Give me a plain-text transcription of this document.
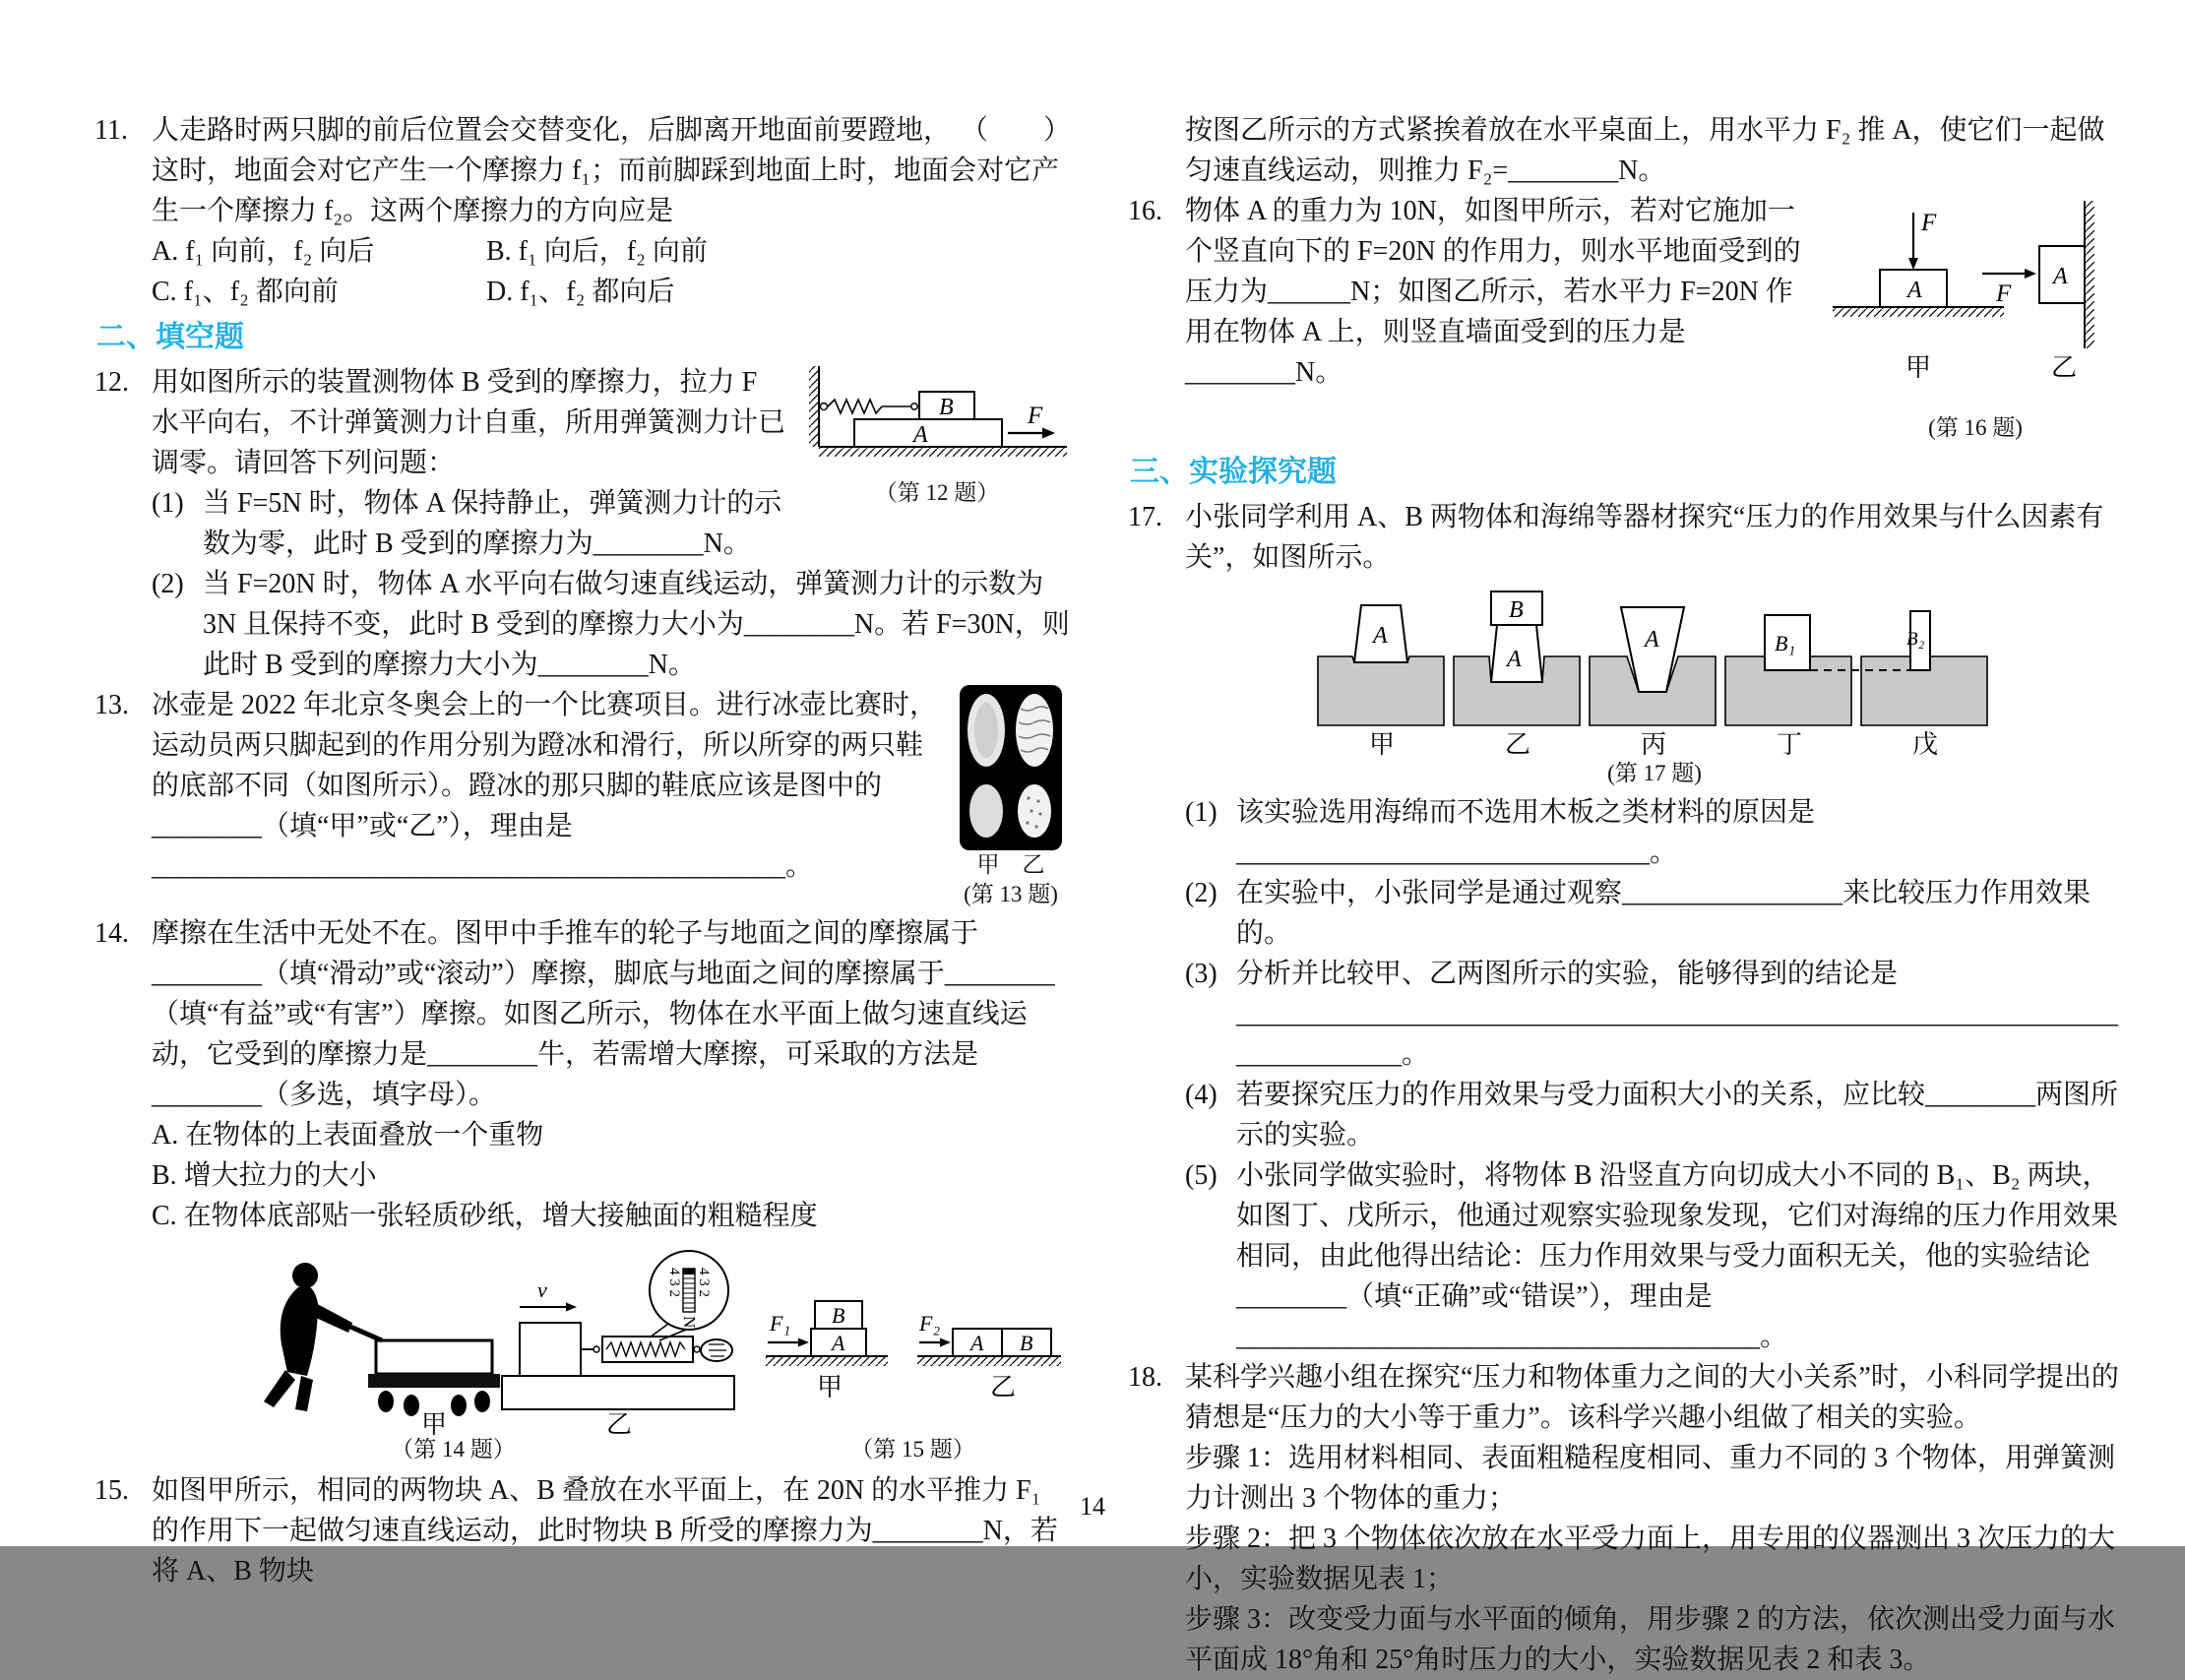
11.	（　　）
人走路时两只脚的前后位置会交替变化，后脚离开地面前要蹬地，这时，地面会对它产生一个摩擦力 f₁；而前脚踩到地面上时，地面会对它产生一个摩擦力 f₂。这两个摩擦力的方向应是
A. f₁ 向前，f₂ 向后	B. f₁ 向后，f₂ 向前
C. f₁、f₂ 都向前	D. f₁、f₂ 都向后
二、填空题
12.
A
B	F
（第 12 题）
用如图所示的装置测物体 B 受到的摩擦力，拉力 F 水平向右，不计弹簧测力计自重，所用弹簧测力计已调零。请回答下列问题：
(1) 当 F=5N 时，物体 A 保持静止，弹簧测力计的示数为零，此时 B 受到的摩擦力为________N。
(2) 当 F=20N 时，物体 A 水平向右做匀速直线运动，弹簧测力计的示数为 3N 且保持不变，此时 B 受到的摩擦力大小为________N。若 F=30N，则此时 B 受到的摩擦力大小为________N。
13.
甲　 乙
(第 13 题)
冰壶是 2022 年北京冬奥会上的一个比赛项目。进行冰壶比赛时，运动员两只脚起到的作用分别为蹬冰和滑行，所以所穿的两只鞋的底部不同（如图所示）。蹬冰的那只脚的鞋底应该是图中的________（填“甲”或“乙”），理由是______________________________________________。
14. 摩擦在生活中无处不在。图甲中手推车的轮子与地面之间的摩擦属于________（填“滑动”或“滚动”）摩擦，脚底与地面之间的摩擦属于________（填“有益”或“有害”）摩擦。如图乙所示，物体在水平面上做匀速直线运动，它受到的摩擦力是________牛，若需增大摩擦，可采取的方法是________（多选，填字母）。
A. 在物体的上表面叠放一个重物
B. 增大拉力的大小
C. 在物体底部贴一张轻质砂纸，增大接触面的粗糙程度
甲
v	4 3 2
4 3 2
N
乙
（第 14 题）
F₁
A
B
甲
F₂
A B
乙
（第 15 题）
15. 如图甲所示，相同的两物块 A、B 叠放在水平面上，在 20N 的水平推力 F₁ 的作用下一起做匀速直线运动，此时物块 B 所受的摩擦力为________N，若将 A、B 物块
按图乙所示的方式紧挨着放在水平桌面上，用水平力 F₂ 推 A，使它们一起做匀速直线运动，则推力 F₂=________N。
16.	F
A
甲
A
F
乙
(第 16 题)
物体 A 的重力为 10N，如图甲所示，若对它施加一个竖直向下的 F=20N 的作用力，则水平地面受到的压力为______N；如图乙所示，若水平力 F=20N 作用在物体 A 上，则竖直墙面受到的压力是________N。
三、实验探究题
17. 小张同学利用 A、B 两物体和海绵等器材探究“压力的作用效果与什么因素有关”，如图所示。
A
甲
B
A
乙
A
丙
B₁
丁
B₂
戊
(第 17 题)
(1) 该实验选用海绵而不选用木板之类材料的原因是______________________________。
(2) 在实验中，小张同学是通过观察________________来比较压力作用效果的。
(3) 分析并比较甲、乙两图所示的实验，能够得到的结论是____________________________________________________________________________。
(4) 若要探究压力的作用效果与受力面积大小的关系，应比较________两图所示的实验。
(5) 小张同学做实验时，将物体 B 沿竖直方向切成大小不同的 B₁、B₂ 两块，如图丁、戊所示，他通过观察实验现象发现，它们对海绵的压力作用效果相同，由此他得出结论：压力作用效果与受力面积无关，他的实验结论________（填“正确”或“错误”），理由是______________________________________。
18. 某科学兴趣小组在探究“压力和物体重力之间的大小关系”时，小科同学提出的猜想是“压力的大小等于重力”。该科学兴趣小组做了相关的实验。
步骤 1：选用材料相同、表面粗糙程度相同、重力不同的 3 个物体，用弹簧测力计测出 3 个物体的重力；
步骤 2：把 3 个物体依次放在水平受力面上，用专用的仪器测出 3 次压力的大小，实验数据见表 1；
步骤 3：改变受力面与水平面的倾角，用步骤 2 的方法，依次测出受力面与水平面成 18°角和 25°角时压力的大小，实验数据见表 2 和表 3。
14
